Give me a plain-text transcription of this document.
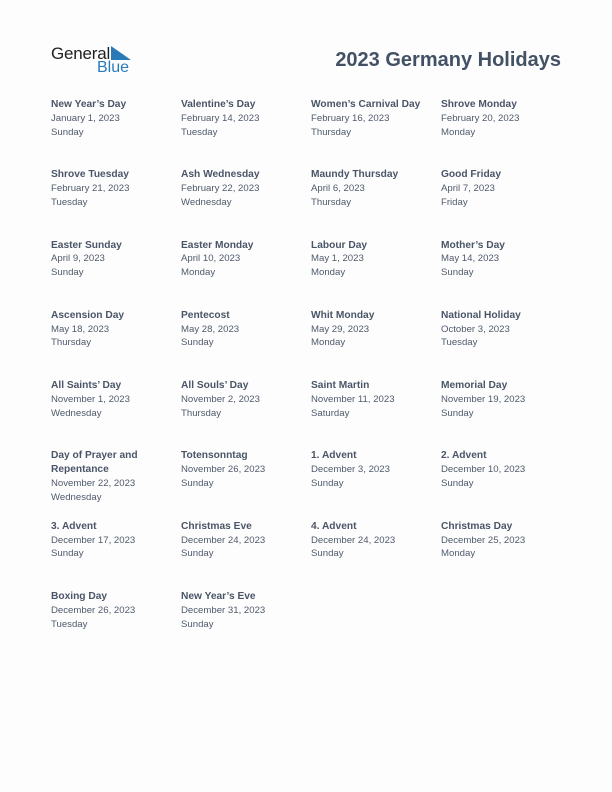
General
Blue	2023 Germany Holidays
New Year’s Day
January 1, 2023
Sunday
Valentine’s Day
February 14, 2023
Tuesday
Women’s Carnival Day
February 16, 2023
Thursday
Shrove Monday
February 20, 2023
Monday
Shrove Tuesday
February 21, 2023
Tuesday
Ash Wednesday
February 22, 2023
Wednesday
Maundy Thursday
April 6, 2023
Thursday
Good Friday
April 7, 2023
Friday
Easter Sunday
April 9, 2023
Sunday
Easter Monday
April 10, 2023
Monday
Labour Day
May 1, 2023
Monday
Mother’s Day
May 14, 2023
Sunday
Ascension Day
May 18, 2023
Thursday
Pentecost
May 28, 2023
Sunday
Whit Monday
May 29, 2023
Monday
National Holiday
October 3, 2023
Tuesday
All Saints’ Day
November 1, 2023
Wednesday
All Souls’ Day
November 2, 2023
Thursday
Saint Martin
November 11, 2023
Saturday
Memorial Day
November 19, 2023
Sunday
Day of Prayer and Repentance
November 22, 2023
Wednesday
Totensonntag
November 26, 2023
Sunday
1. Advent
December 3, 2023
Sunday
2. Advent
December 10, 2023
Sunday
3. Advent
December 17, 2023
Sunday
Christmas Eve
December 24, 2023
Sunday
4. Advent
December 24, 2023
Sunday
Christmas Day
December 25, 2023
Monday
Boxing Day
December 26, 2023
Tuesday
New Year’s Eve
December 31, 2023
Sunday
